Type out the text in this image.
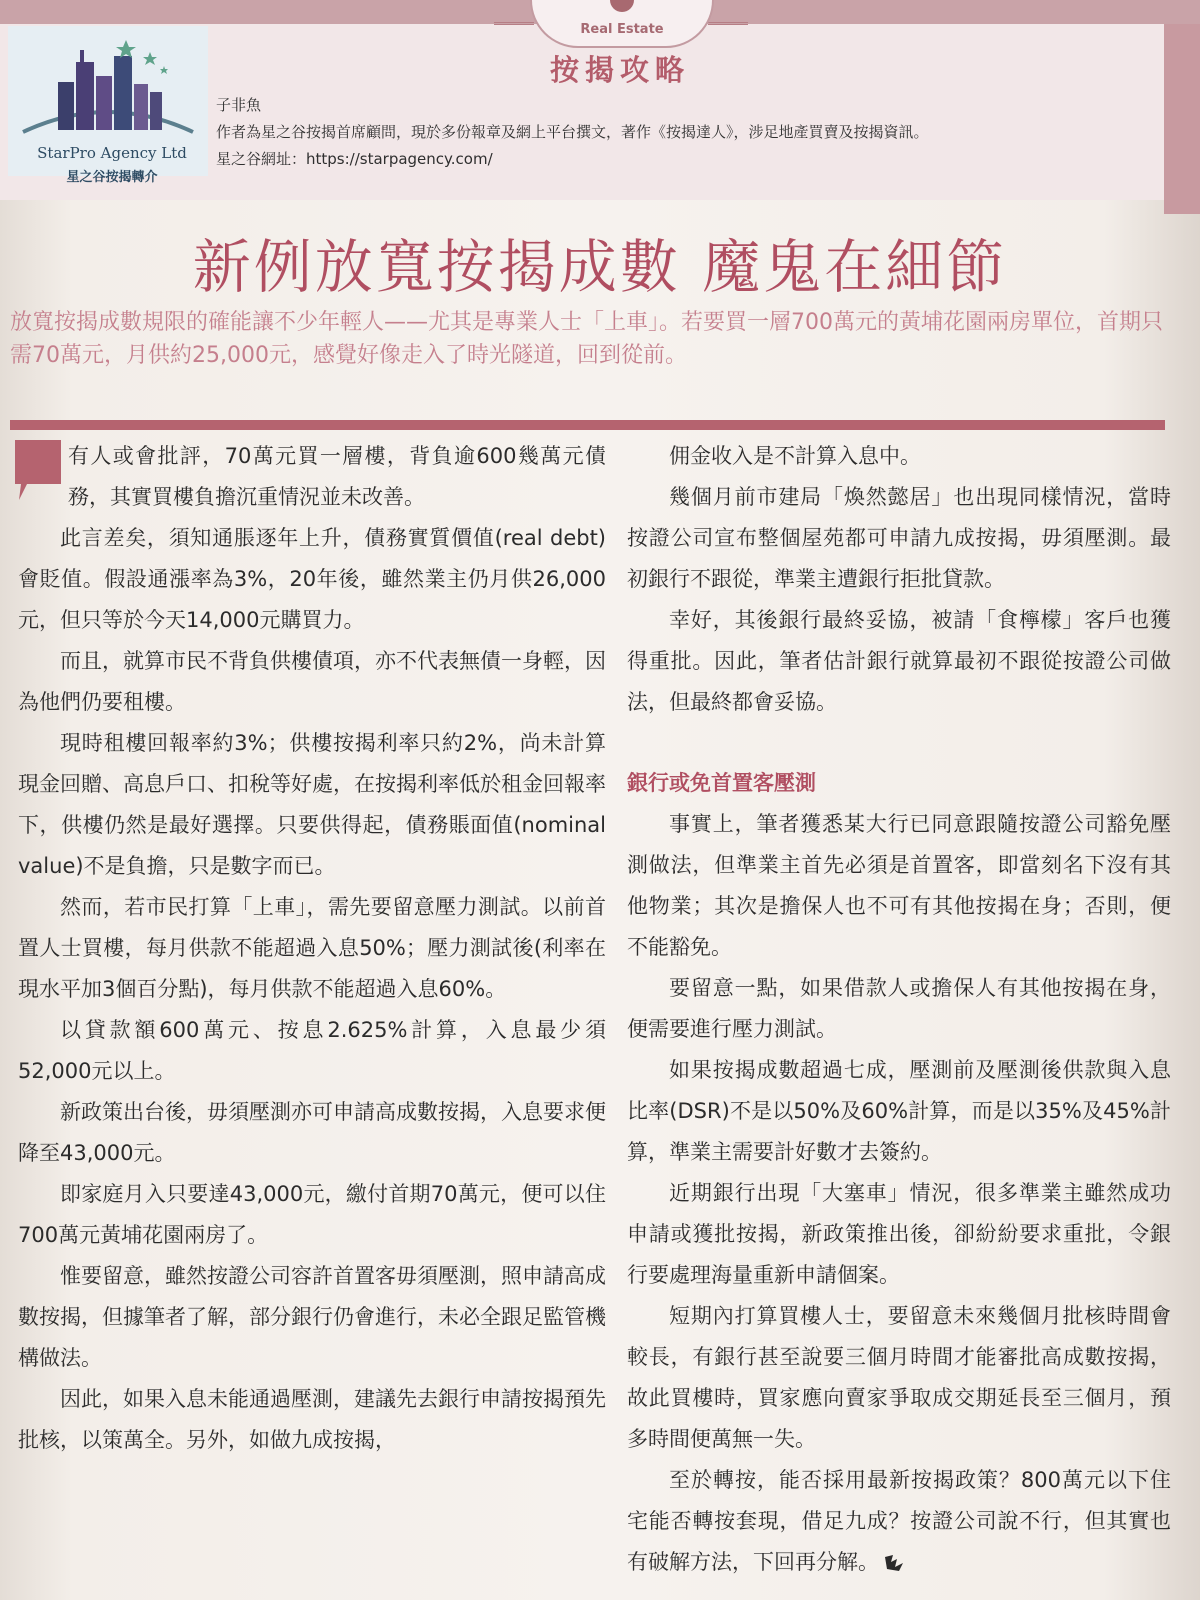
StarPro Agency Ltd
星之谷按揭轉介
Real Estate
按揭攻略
子非魚
作者為星之谷按揭首席顧問，現於多份報章及網上平台撰文，著作《按揭達人》，涉足地產買賣及按揭資訊。
星之谷網址：https://starpagency.com/
新例放寬按揭成數 魔鬼在細節
放寬按揭成數規限的確能讓不少年輕人——尤其是專業人士「上車」。若要買一層700萬元的黃埔花園兩房單位，首期只需70萬元，月供約25,000元，感覺好像走入了時光隧道，回到從前。

有人或會批評，70萬元買一層樓，背負逾600幾萬元債務，其實買樓負擔沉重情況並未改善。

此言差矣，須知通脹逐年上升，債務實質價值(real debt)會貶值。假設通漲率為3%，20年後，雖然業主仍月供26,000元，但只等於今天14,000元購買力。

而且，就算市民不背負供樓債項，亦不代表無債一身輕，因為他們仍要租樓。

現時租樓回報率約3%；供樓按揭利率只約2%，尚未計算現金回贈、高息戶口、扣稅等好處，在按揭利率低於租金回報率下，供樓仍然是最好選擇。只要供得起，債務賬面值(nominal value)不是負擔，只是數字而已。

然而，若市民打算「上車」，需先要留意壓力測試。以前首置人士買樓，每月供款不能超過入息50%；壓力測試後(利率在現水平加3個百分點)，每月供款不能超過入息60%。

以貸款額600萬元、按息2.625%計算，入息最少須52,000元以上。

新政策出台後，毋須壓測亦可申請高成數按揭，入息要求便降至43,000元。

即家庭月入只要達43,000元，繳付首期70萬元，便可以住700萬元黃埔花園兩房了。

惟要留意，雖然按證公司容許首置客毋須壓測，照申請高成數按揭，但據筆者了解，部分銀行仍會進行，未必全跟足監管機構做法。

因此，如果入息未能通過壓測，建議先去銀行申請按揭預先批核，以策萬全。另外，如做九成按揭，

佣金收入是不計算入息中。

幾個月前市建局「煥然懿居」也出現同樣情況，當時按證公司宣布整個屋苑都可申請九成按揭，毋須壓測。最初銀行不跟從，準業主遭銀行拒批貸款。

幸好，其後銀行最終妥協，被請「食檸檬」客戶也獲得重批。因此，筆者估計銀行就算最初不跟從按證公司做法，但最終都會妥協。

銀行或免首置客壓測

事實上，筆者獲悉某大行已同意跟隨按證公司豁免壓測做法，但準業主首先必須是首置客，即當刻名下沒有其他物業；其次是擔保人也不可有其他按揭在身；否則，便不能豁免。

要留意一點，如果借款人或擔保人有其他按揭在身，便需要進行壓力測試。

如果按揭成數超過七成，壓測前及壓測後供款與入息比率(DSR)不是以50%及60%計算，而是以35%及45%計算，準業主需要計好數才去簽約。

近期銀行出現「大塞車」情況，很多準業主雖然成功申請或獲批按揭，新政策推出後，卻紛紛要求重批，令銀行要處理海量重新申請個案。

短期內打算買樓人士，要留意未來幾個月批核時間會較長，有銀行甚至說要三個月時間才能審批高成數按揭，故此買樓時，買家應向賣家爭取成交期延長至三個月，預多時間便萬無一失。

至於轉按，能否採用最新按揭政策？800萬元以下住宅能否轉按套現，借足九成？按證公司說不行，但其實也有破解方法，下回再分解。
